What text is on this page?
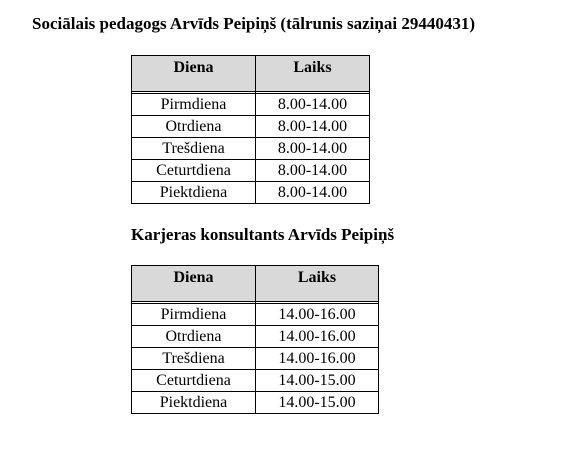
Sociālais pedagogs Arvīds Peipiņš (tālrunis saziņai 29440431)
Diena	Laiks

Pirmdiena	8.00-14.00
Otrdiena	8.00-14.00
Trešdiena	8.00-14.00
Ceturtdiena	8.00-14.00
Piektdiena	8.00-14.00
Karjeras konsultants Arvīds Peipiņš
Diena	Laiks

Pirmdiena	14.00-16.00
Otrdiena	14.00-16.00
Trešdiena	14.00-16.00
Ceturtdiena	14.00-15.00
Piektdiena	14.00-15.00
